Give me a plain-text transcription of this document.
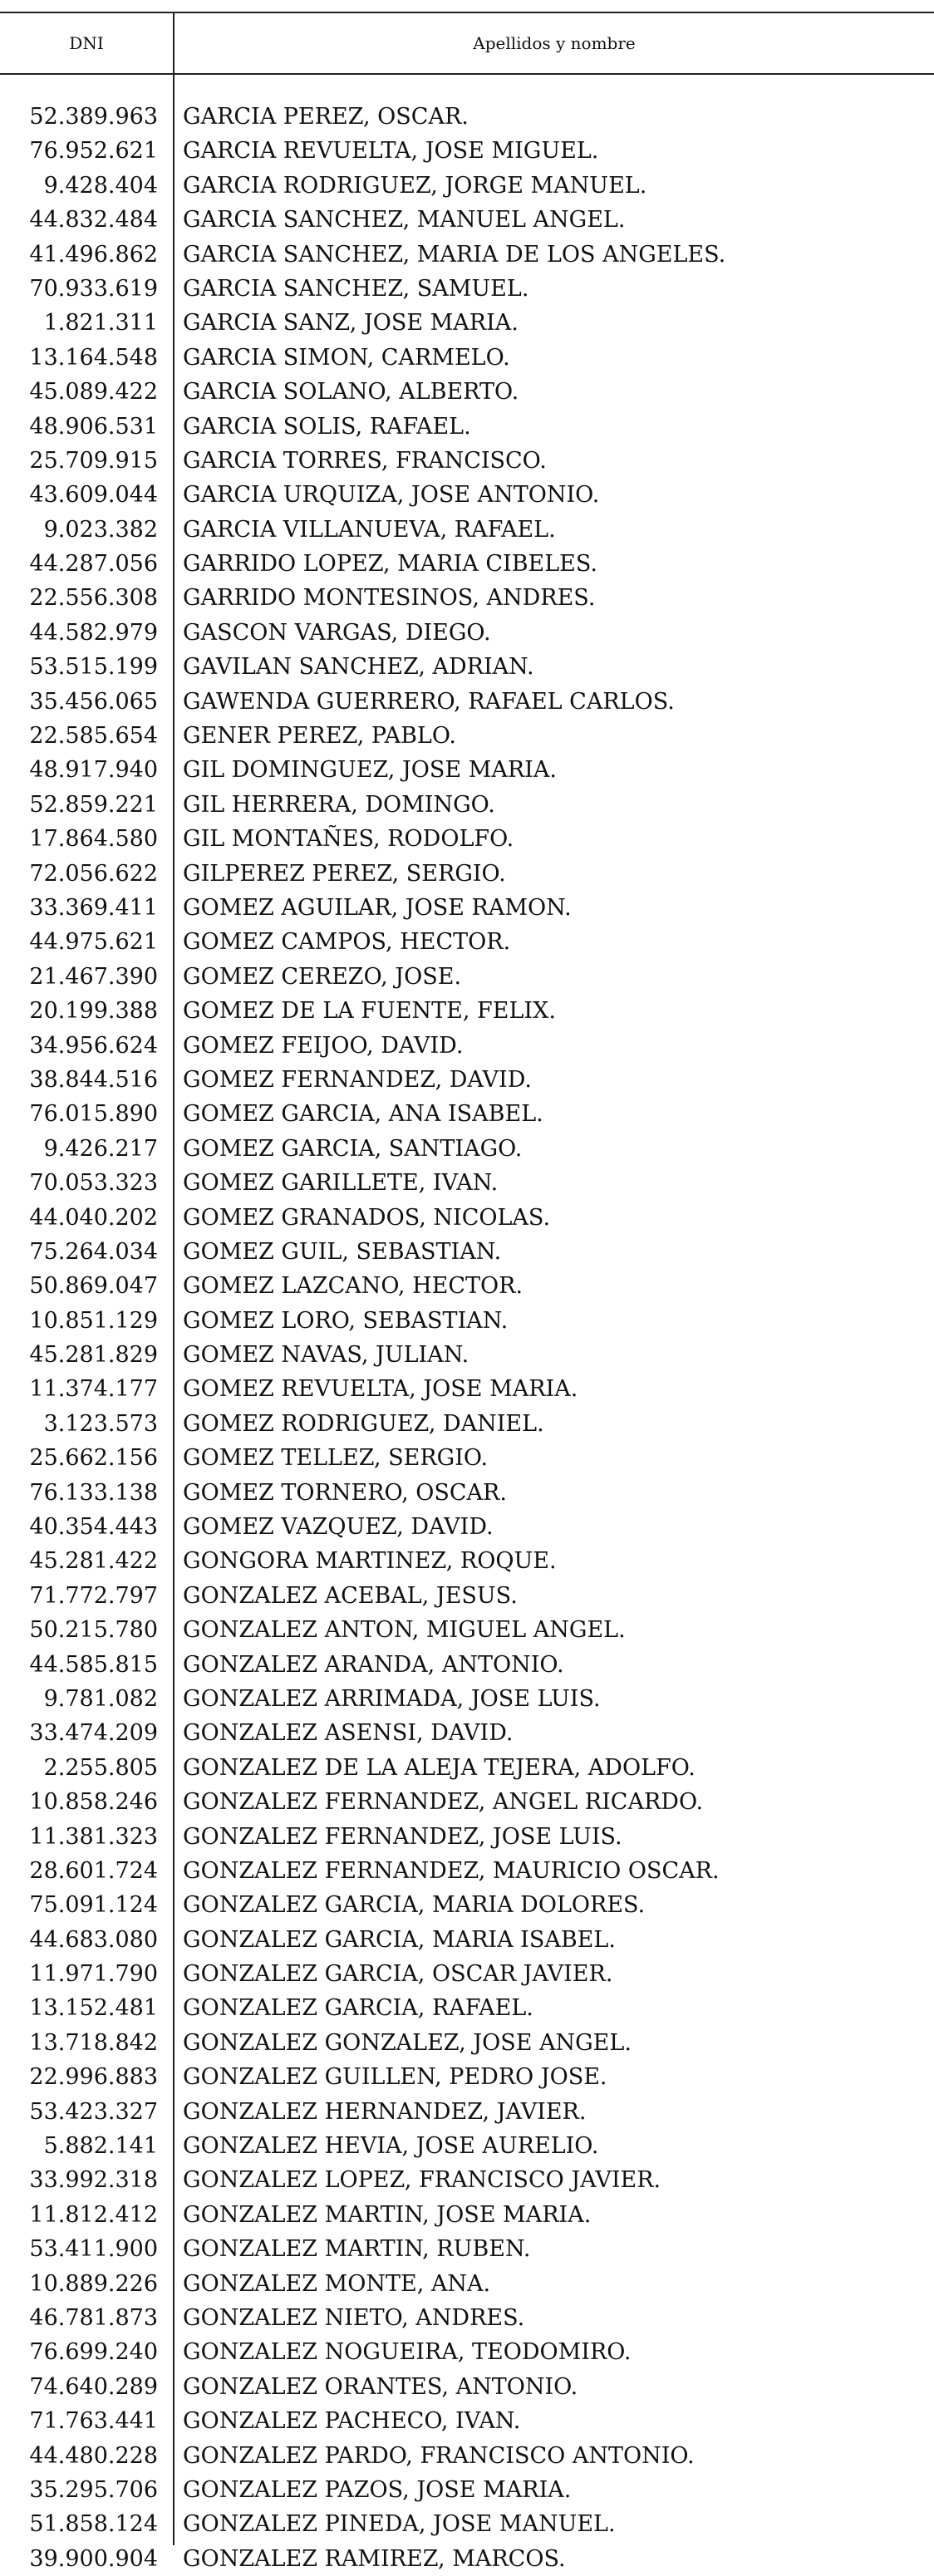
DNI	Apellidos y nombre
52.389.963 GARCIA PEREZ, OSCAR.
76.952.621 GARCIA REVUELTA, JOSE MIGUEL.
9.428.404 GARCIA RODRIGUEZ, JORGE MANUEL.
44.832.484 GARCIA SANCHEZ, MANUEL ANGEL.
41.496.862 GARCIA SANCHEZ, MARIA DE LOS ANGELES.
70.933.619 GARCIA SANCHEZ, SAMUEL.
1.821.311 GARCIA SANZ, JOSE MARIA.
13.164.548 GARCIA SIMON, CARMELO.
45.089.422 GARCIA SOLANO, ALBERTO.
48.906.531 GARCIA SOLIS, RAFAEL.
25.709.915 GARCIA TORRES, FRANCISCO.
43.609.044 GARCIA URQUIZA, JOSE ANTONIO.
9.023.382 GARCIA VILLANUEVA, RAFAEL.
44.287.056 GARRIDO LOPEZ, MARIA CIBELES.
22.556.308 GARRIDO MONTESINOS, ANDRES.
44.582.979 GASCON VARGAS, DIEGO.
53.515.199 GAVILAN SANCHEZ, ADRIAN.
35.456.065 GAWENDA GUERRERO, RAFAEL CARLOS.
22.585.654 GENER PEREZ, PABLO.
48.917.940 GIL DOMINGUEZ, JOSE MARIA.
52.859.221 GIL HERRERA, DOMINGO.
17.864.580 GIL MONTAÑES, RODOLFO.
72.056.622 GILPEREZ PEREZ, SERGIO.
33.369.411 GOMEZ AGUILAR, JOSE RAMON.
44.975.621 GOMEZ CAMPOS, HECTOR.
21.467.390 GOMEZ CEREZO, JOSE.
20.199.388 GOMEZ DE LA FUENTE, FELIX.
34.956.624 GOMEZ FEIJOO, DAVID.
38.844.516 GOMEZ FERNANDEZ, DAVID.
76.015.890 GOMEZ GARCIA, ANA ISABEL.
9.426.217 GOMEZ GARCIA, SANTIAGO.
70.053.323 GOMEZ GARILLETE, IVAN.
44.040.202 GOMEZ GRANADOS, NICOLAS.
75.264.034 GOMEZ GUIL, SEBASTIAN.
50.869.047 GOMEZ LAZCANO, HECTOR.
10.851.129 GOMEZ LORO, SEBASTIAN.
45.281.829 GOMEZ NAVAS, JULIAN.
11.374.177 GOMEZ REVUELTA, JOSE MARIA.
3.123.573 GOMEZ RODRIGUEZ, DANIEL.
25.662.156 GOMEZ TELLEZ, SERGIO.
76.133.138 GOMEZ TORNERO, OSCAR.
40.354.443 GOMEZ VAZQUEZ, DAVID.
45.281.422 GONGORA MARTINEZ, ROQUE.
71.772.797 GONZALEZ ACEBAL, JESUS.
50.215.780 GONZALEZ ANTON, MIGUEL ANGEL.
44.585.815 GONZALEZ ARANDA, ANTONIO.
9.781.082 GONZALEZ ARRIMADA, JOSE LUIS.
33.474.209 GONZALEZ ASENSI, DAVID.
2.255.805 GONZALEZ DE LA ALEJA TEJERA, ADOLFO.
10.858.246 GONZALEZ FERNANDEZ, ANGEL RICARDO.
11.381.323 GONZALEZ FERNANDEZ, JOSE LUIS.
28.601.724 GONZALEZ FERNANDEZ, MAURICIO OSCAR.
75.091.124 GONZALEZ GARCIA, MARIA DOLORES.
44.683.080 GONZALEZ GARCIA, MARIA ISABEL.
11.971.790 GONZALEZ GARCIA, OSCAR JAVIER.
13.152.481 GONZALEZ GARCIA, RAFAEL.
13.718.842 GONZALEZ GONZALEZ, JOSE ANGEL.
22.996.883 GONZALEZ GUILLEN, PEDRO JOSE.
53.423.327 GONZALEZ HERNANDEZ, JAVIER.
5.882.141 GONZALEZ HEVIA, JOSE AURELIO.
33.992.318 GONZALEZ LOPEZ, FRANCISCO JAVIER.
11.812.412 GONZALEZ MARTIN, JOSE MARIA.
53.411.900 GONZALEZ MARTIN, RUBEN.
10.889.226 GONZALEZ MONTE, ANA.
46.781.873 GONZALEZ NIETO, ANDRES.
76.699.240 GONZALEZ NOGUEIRA, TEODOMIRO.
74.640.289 GONZALEZ ORANTES, ANTONIO.
71.763.441 GONZALEZ PACHECO, IVAN.
44.480.228 GONZALEZ PARDO, FRANCISCO ANTONIO.
35.295.706 GONZALEZ PAZOS, JOSE MARIA.
51.858.124 GONZALEZ PINEDA, JOSE MANUEL.
39.900.904 GONZALEZ RAMIREZ, MARCOS.
